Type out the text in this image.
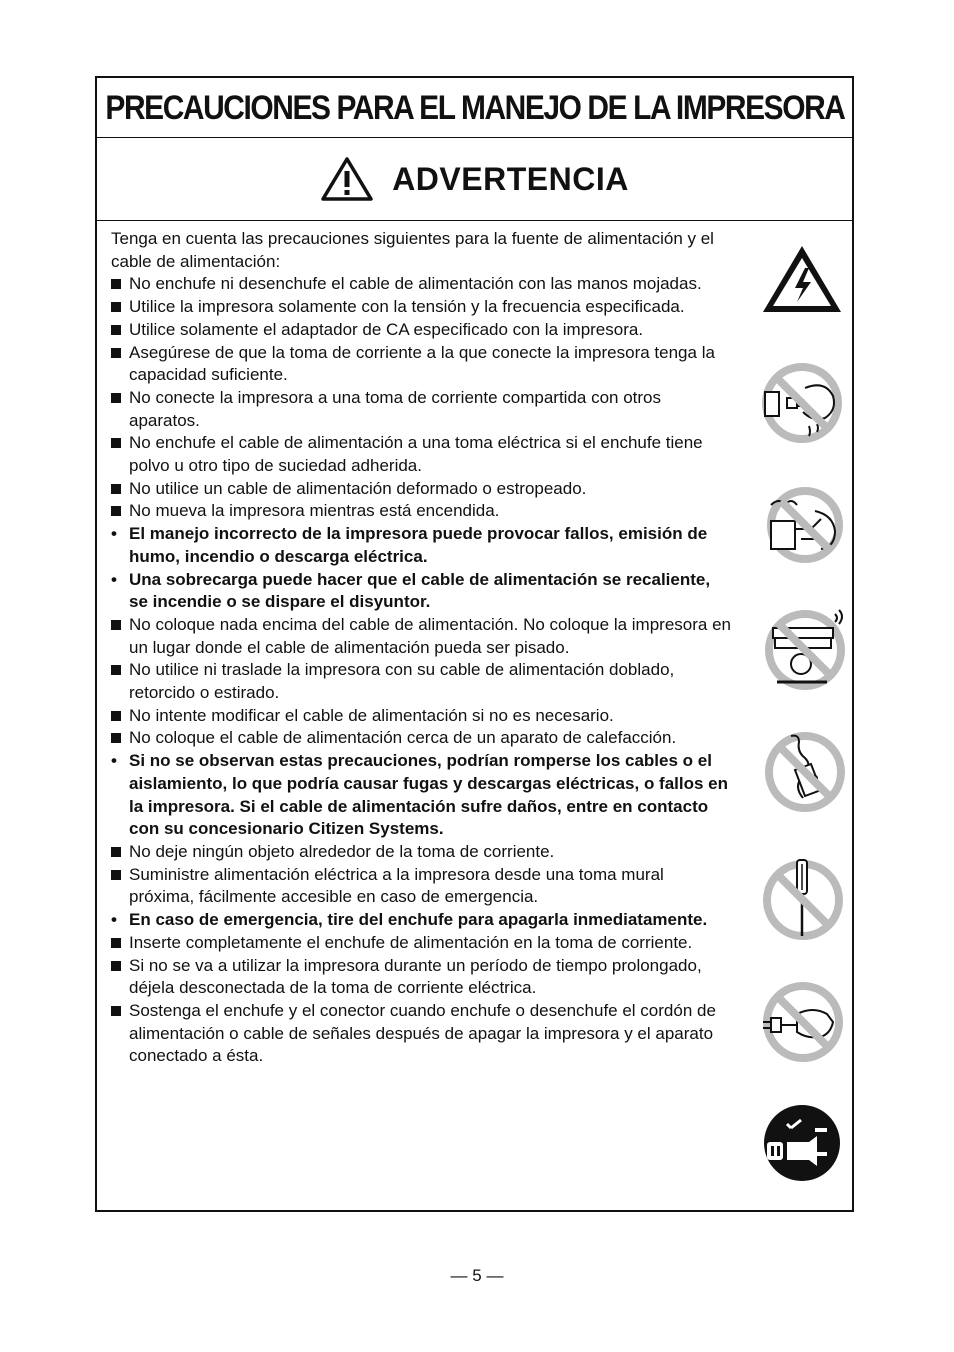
PRECAUCIONES PARA EL MANEJO DE LA IMPRESORA
ADVERTENCIA

Tenga en cuenta las precauciones siguientes para la fuente de alimentación y el cable de alimentación:

No enchufe ni desenchufe el cable de alimentación con las manos mojadas.
Utilice la impresora solamente con la tensión y la frecuencia especificada.
Utilice solamente el adaptador de CA especificado con la impresora.
Asegúrese de que la toma de corriente a la que conecte la impresora tenga la capacidad suficiente.
No conecte la impresora a una toma de corriente compartida con otros aparatos.
No enchufe el cable de alimentación a una toma eléctrica si el enchufe tiene polvo u otro tipo de suciedad adherida.
No utilice un cable de alimentación deformado o estropeado.
No mueva la impresora mientras está encendida.
• El manejo incorrecto de la impresora puede provocar fallos, emisión de humo, incendio o descarga eléctrica.
• Una sobrecarga puede hacer que el cable de alimentación se recaliente, se incendie o se dispare el disyuntor.
No coloque nada encima del cable de alimentación. No coloque la impresora en un lugar donde el cable de alimentación pueda ser pisado.
No utilice ni traslade la impresora con su cable de alimentación doblado, retorcido o estirado.
No intente modificar el cable de alimentación si no es necesario.
No coloque el cable de alimentación cerca de un aparato de calefacción.
• Si no se observan estas precauciones, podrían romperse los cables o el aislamiento, lo que podría causar fugas y descargas eléctricas, o fallos en la impresora. Si el cable de alimentación sufre daños, entre en contacto con su concesionario Citizen Systems.
No deje ningún objeto alrededor de la toma de corriente.
Suministre alimentación eléctrica a la impresora desde una toma mural próxima, fácilmente accesible en caso de emergencia.
• En caso de emergencia, tire del enchufe para apagarla inmediatamente.
Inserte completamente el enchufe de alimentación en la toma de corriente.
Si no se va a utilizar la impresora durante un período de tiempo prolongado, déjela desconectada de la toma de corriente eléctrica.
Sostenga el enchufe y el conector cuando enchufe o desenchufe el cordón de alimentación o cable de señales después de apagar la impresora y el aparato conectado a ésta.
— 5 —
